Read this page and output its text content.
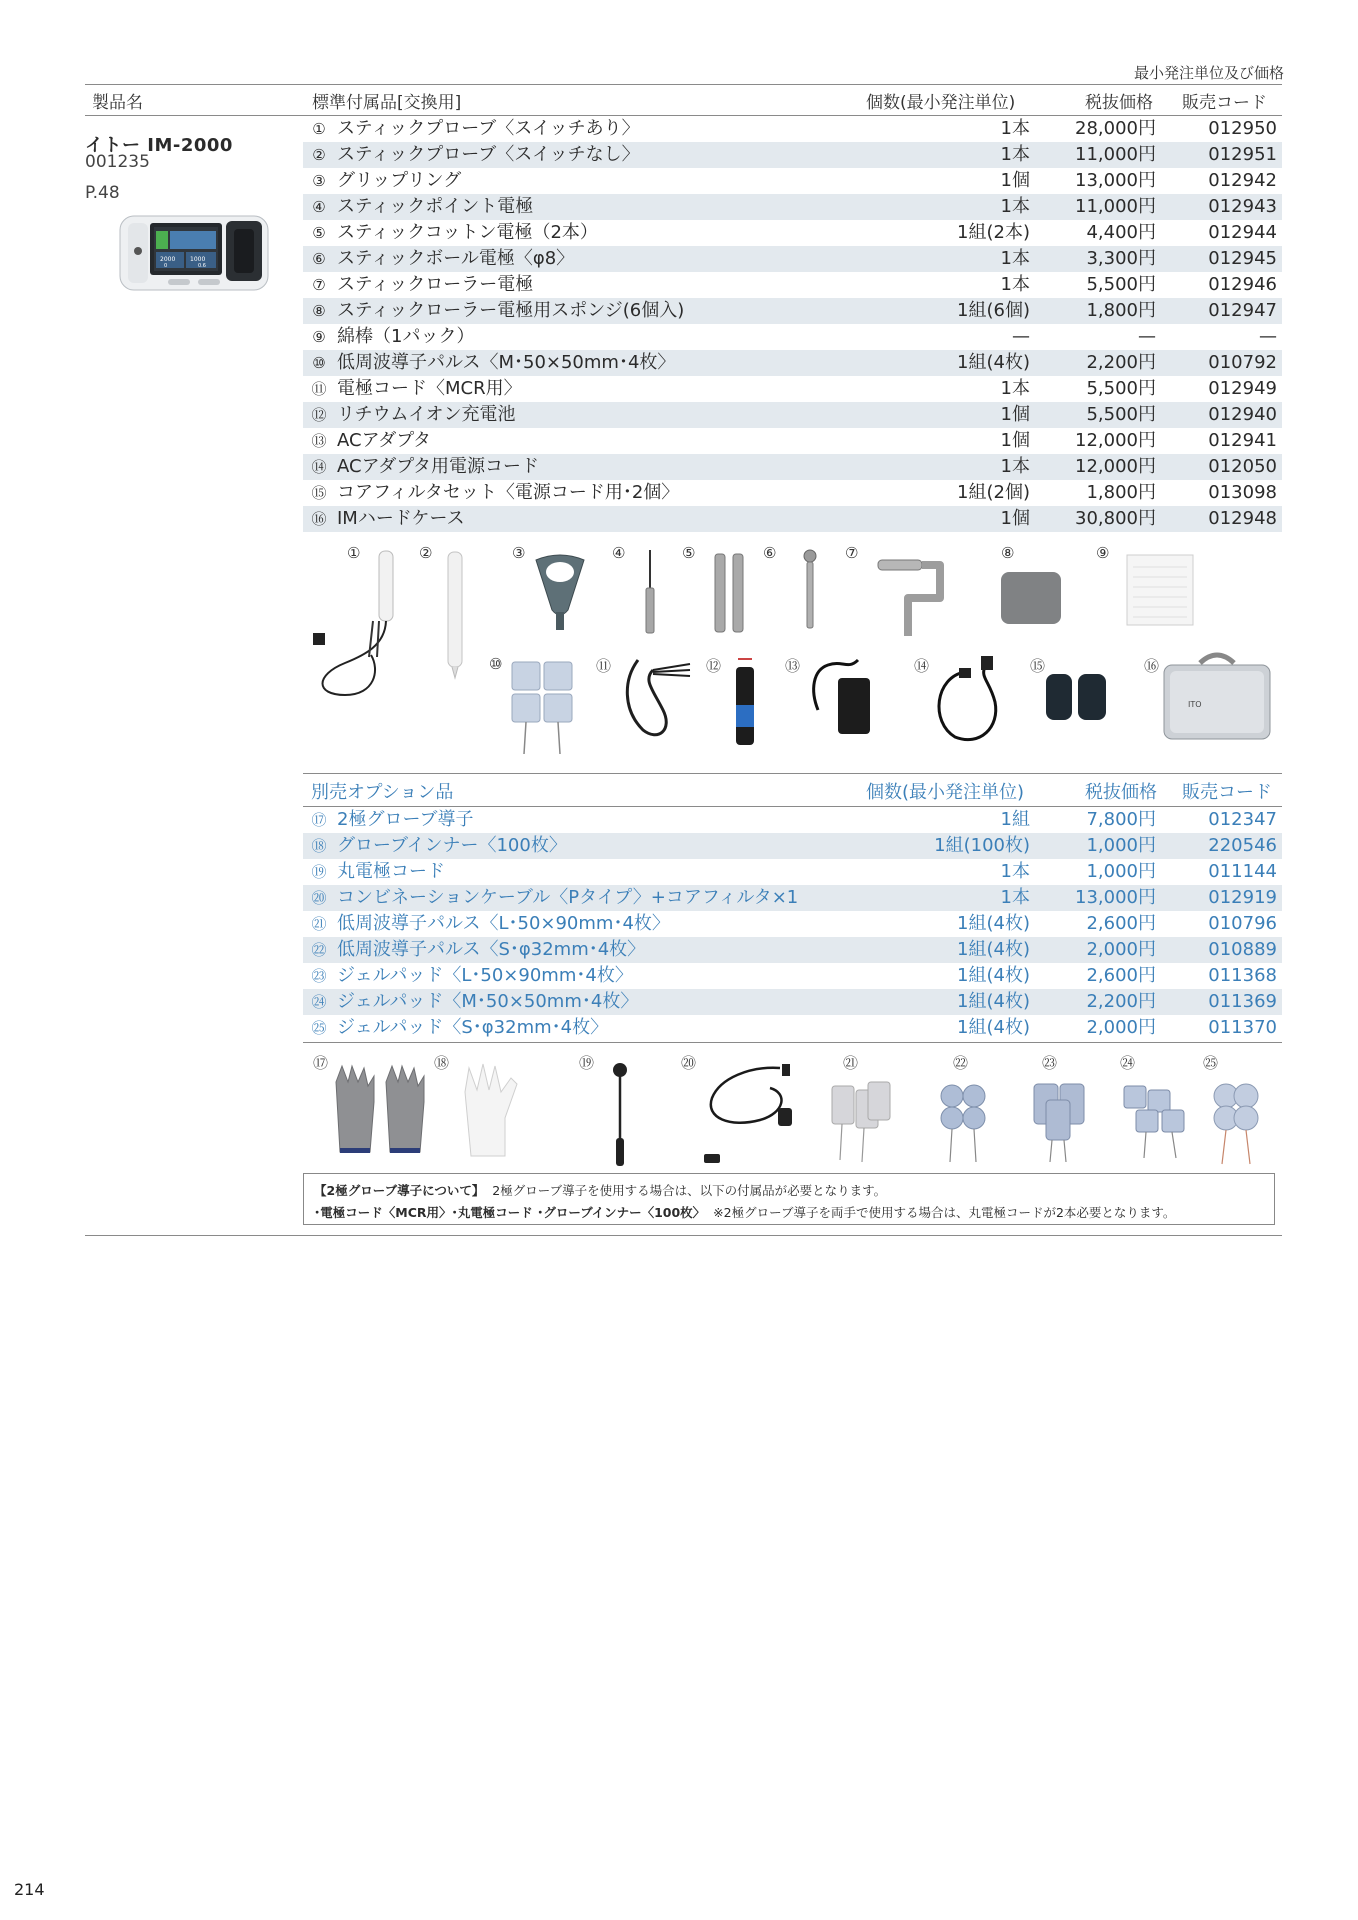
最小発注単位及び価格
製品名	標準付属品[交換用]	個数(最小発注単位)	税抜価格 販売コード
イトー IM-2000
001235
P.48
2000 1000
0	0.6
① スティックプローブ〈スイッチあり〉	1本	28,000円	012950
② スティックプローブ〈スイッチなし〉	1本	11,000円	012951
③ グリップリング	1個	13,000円	012942
④ スティックポイント電極	1本	11,000円	012943
⑤ スティックコットン電極（2本）	1組(2本)	4,400円	012944
⑥ スティックボール電極〈φ8〉	1本	3,300円	012945
⑦ スティックローラー電極	1本	5,500円	012946
⑧ スティックローラー電極用スポンジ(6個入)	1組(6個)	1,800円	012947
⑨ 綿棒（1パック）	—	—	—
⑩ 低周波導子パルス〈M･50×50mm･4枚〉	1組(4枚)	2,200円	010792
⑪ 電極コード〈MCR用〉	1本	5,500円	012949
⑫ リチウムイオン充電池	1個	5,500円	012940
⑬ ACアダプタ	1個	12,000円	012941
⑭ ACアダプタ用電源コード	1本	12,000円	012050
⑮ コアフィルタセット〈電源コード用･2個〉	1組(2個)	1,800円	013098
⑯ IMハードケース	1個	30,800円	012948
①	②	③	④	⑤	⑥	⑦	⑧	⑨
⑩	⑪	⑫	⑬	⑭	⑮	⑯
ITO
別売オプション品	個数(最小発注単位)	税抜価格 販売コード
⑰ 2極グローブ導子	1組	7,800円	012347
⑱ グローブインナー〈100枚〉	1組(100枚)	1,000円	220546
⑲ 丸電極コード	1本	1,000円	011144
⑳ コンビネーションケーブル〈Pタイプ〉+コアフィルタ×1	1本	13,000円	012919
㉑ 低周波導子パルス〈L･50×90mm･4枚〉	1組(4枚)	2,600円	010796
㉒ 低周波導子パルス〈S･φ32mm･4枚〉	1組(4枚)	2,000円	010889
㉓ ジェルパッド〈L･50×90mm･4枚〉	1組(4枚)	2,600円	011368
㉔ ジェルパッド〈M･50×50mm･4枚〉	1組(4枚)	2,200円	011369
㉕ ジェルパッド〈S･φ32mm･4枚〉	1組(4枚)	2,000円	011370
⑰	⑱	⑲	⑳	㉑	㉒	㉓	㉔	㉕
【2極グローブ導子について】 2極グローブ導子を使用する場合は、以下の付属品が必要となります。
･電極コード〈MCR用〉･丸電極コード ･グローブインナー〈100枚〉 ※2極グローブ導子を両手で使用する場合は、丸電極コードが2本必要となります。
214
